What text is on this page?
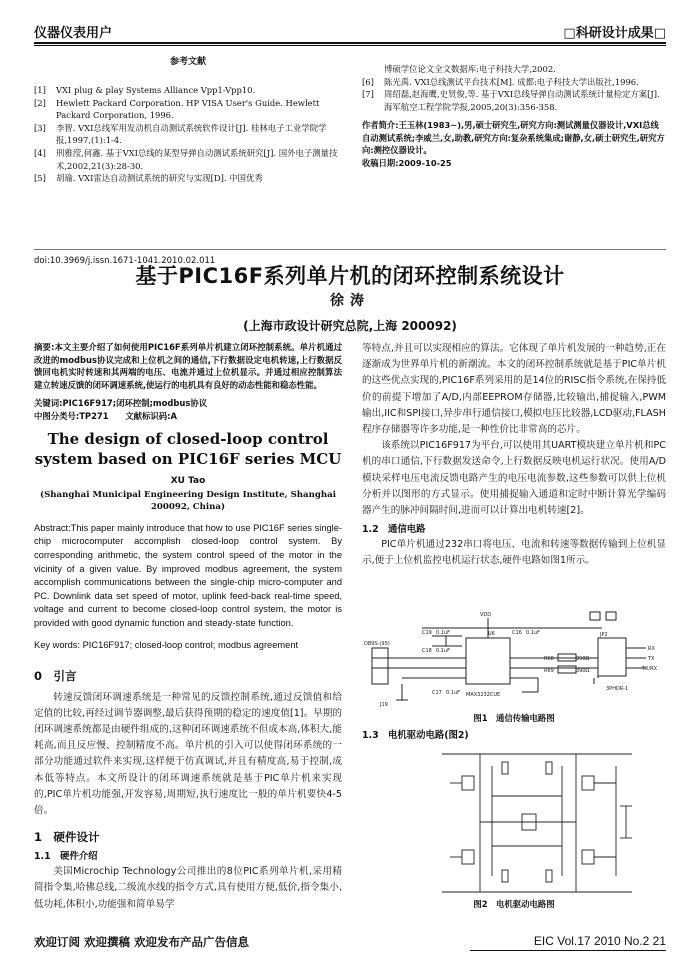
仪器仪表用户	□科研设计成果□
参考文献
[1]	VXI plug & play Systems Alliance Vpp1-Vpp10.
[2]	Hewlett Packard Corporation. HP VISA User's Guide. Hewlett Packard Corporation, 1996.
[3]	李智. VXI总线军用发动机自动测试系统软件设计[J]. 桂林电子工业学院学报,1997,(1):1-4.
[4]	刑雅滢,何鑫. 基于VXI总线的某型导弹自动测试系统研究[J]. 国外电子测量技术,2002,21(3):28-30.
[5]	胡瑜. VXI雷达自动测试系统的研究与实现[D]. 中国优秀
博硕学位论文全文数据库:电子科技大学,2002.
[6]	陈光禹. VXI总线测试平台技术[M]. 成都:电子科技大学出版社,1996.
[7]	周绍磊,赵海鹰,史贤俊,等. 基于VXI总线导弹自动测试系统计量检定方案[J]. 海军航空工程学院学报,2005,20(3):356-358.
作者简介:王玉林(1983~),男,硕士研究生,研究方向:测试测量仪器设计,VXI总线自动测试系统;李威兰,女,助教,研究方向:复杂系统集成;谢静,女,硕士研究生,研究方向:测控仪器设计。
收稿日期:2009-10-25
doi:10.3969/j.issn.1671-1041.2010.02.011
基于PIC16F系列单片机的闭环控制系统设计
徐涛
(上海市政设计研究总院,上海 200092)
摘要:本文主要介绍了如何使用PIC16F系列单片机建立闭环控制系统。单片机通过改进的modbus协议完成和上位机之间的通信,下行数据设定电机转速,上行数据反馈回电机实时转速和其两端的电压、电流并通过上位机显示。并通过相应控制算法建立转速反馈的闭环调速系统,使运行的电机具有良好的动态性能和稳态性能。
关键词:PIC16F917;闭环控制;modbus协议
中图分类号:TP271　　文献标识码:A
The design of closed-loop control system based on PIC16F series MCU
XU Tao
(Shanghai Municipal Engineering Design Institute, Shanghai 200092, China)
Abstract:This paper mainly introduce that how to use PIC16F series single-chip microcomputer accomplish closed-loop control system. By corresponding arithmetic, the system control speed of the motor in the vicinity of a given value. By improved modbus agreement, the system accomplish communications between the single-chip micro-computer and PC. Downlink data set speed of motor, uplink feed-back real-time speed, voltage and current to become closed-loop control system, the motor is provided with good dynamic function and steady-state function.
Key words: PIC16F917; closed-loop control; modbus agreement
0　引言
转速反馈闭环调速系统是一种常见的反馈控制系统,通过反馈值和给定值的比较,再经过调节器调整,最后获得预期的稳定的速度值[1]。早期的闭环调速系统都是由硬件组成的,这种闭环调速系统不但成本高,体积大,能耗高,而且反应慢、控制精度不高。单片机的引入可以使得闭环系统的一部分功能通过软件来实现,这样便于仿真调试,并且有精度高,易于控制,成本低等特点。本文所设计的闭环调速系统就是基于PIC单片机来实现的,PIC单片机功能强,开发容易,周期短,执行速度比一般的单片机要快4-5倍。
1　硬件设计
1.1　硬件介绍
美国Microchip Technology公司推出的8位PIC系列单片机,采用精简指令集,哈佛总线,二级流水线的指令方式,具有使用方便,低价,指令集小,低功耗,体积小,功能强和简单易学
等特点,并且可以实现相应的算法。它体现了单片机发展的一种趋势,正在逐渐成为世界单片机的新潮流。本文的闭环控制系统就是基于PIC单片机的这些优点实现的,PIC16F系列采用的是14位的RISC指令系统,在保持低价的前提下增加了A/D,内部EEPROM存储器,比较输出,捕捉输入,PWM输出,IIC和SPI接口,异步串行通信接口,模拟电压比较器,LCD驱动,FLASH程序存储器等许多功能,是一种性价比非常高的芯片。
该系统以PIC16F917为平台,可以使用其UART模块建立单片机和PC机的串口通信,下行数据发送命令,上行数据反映电机运行状况。使用A/D模块采样电压电流反馈电路产生的电压电流参数,这些参数可以供上位机分析并以图形的方式显示。使用捕捉输入通道和定时中断计算光学编码器产生的脉冲间隔时间,进而可以计算出电机转速[2]。
1.2　通信电路
PIC单片机通过232串口将电压、电流和转速等数据传输到上位机显示,便于上位机监控电机运行状态,硬件电路如图1所示。
VDD
DB9S-(9S)
MAX3232CUE
C19 0.1uF
C18 0.1uF
C16 0.1uF
C17 0.1uF
U6	JP2
RX
TX
TX/RX
J19
R68	390Ω
R69	390Ω
3PHDR-1
图1　通信传输电路图
1.3　电机驱动电路(图2)
图2　电机驱动电路图
欢迎订阅 欢迎撰稿 欢迎发布产品广告信息	EIC Vol.17 2010 No.2 21
